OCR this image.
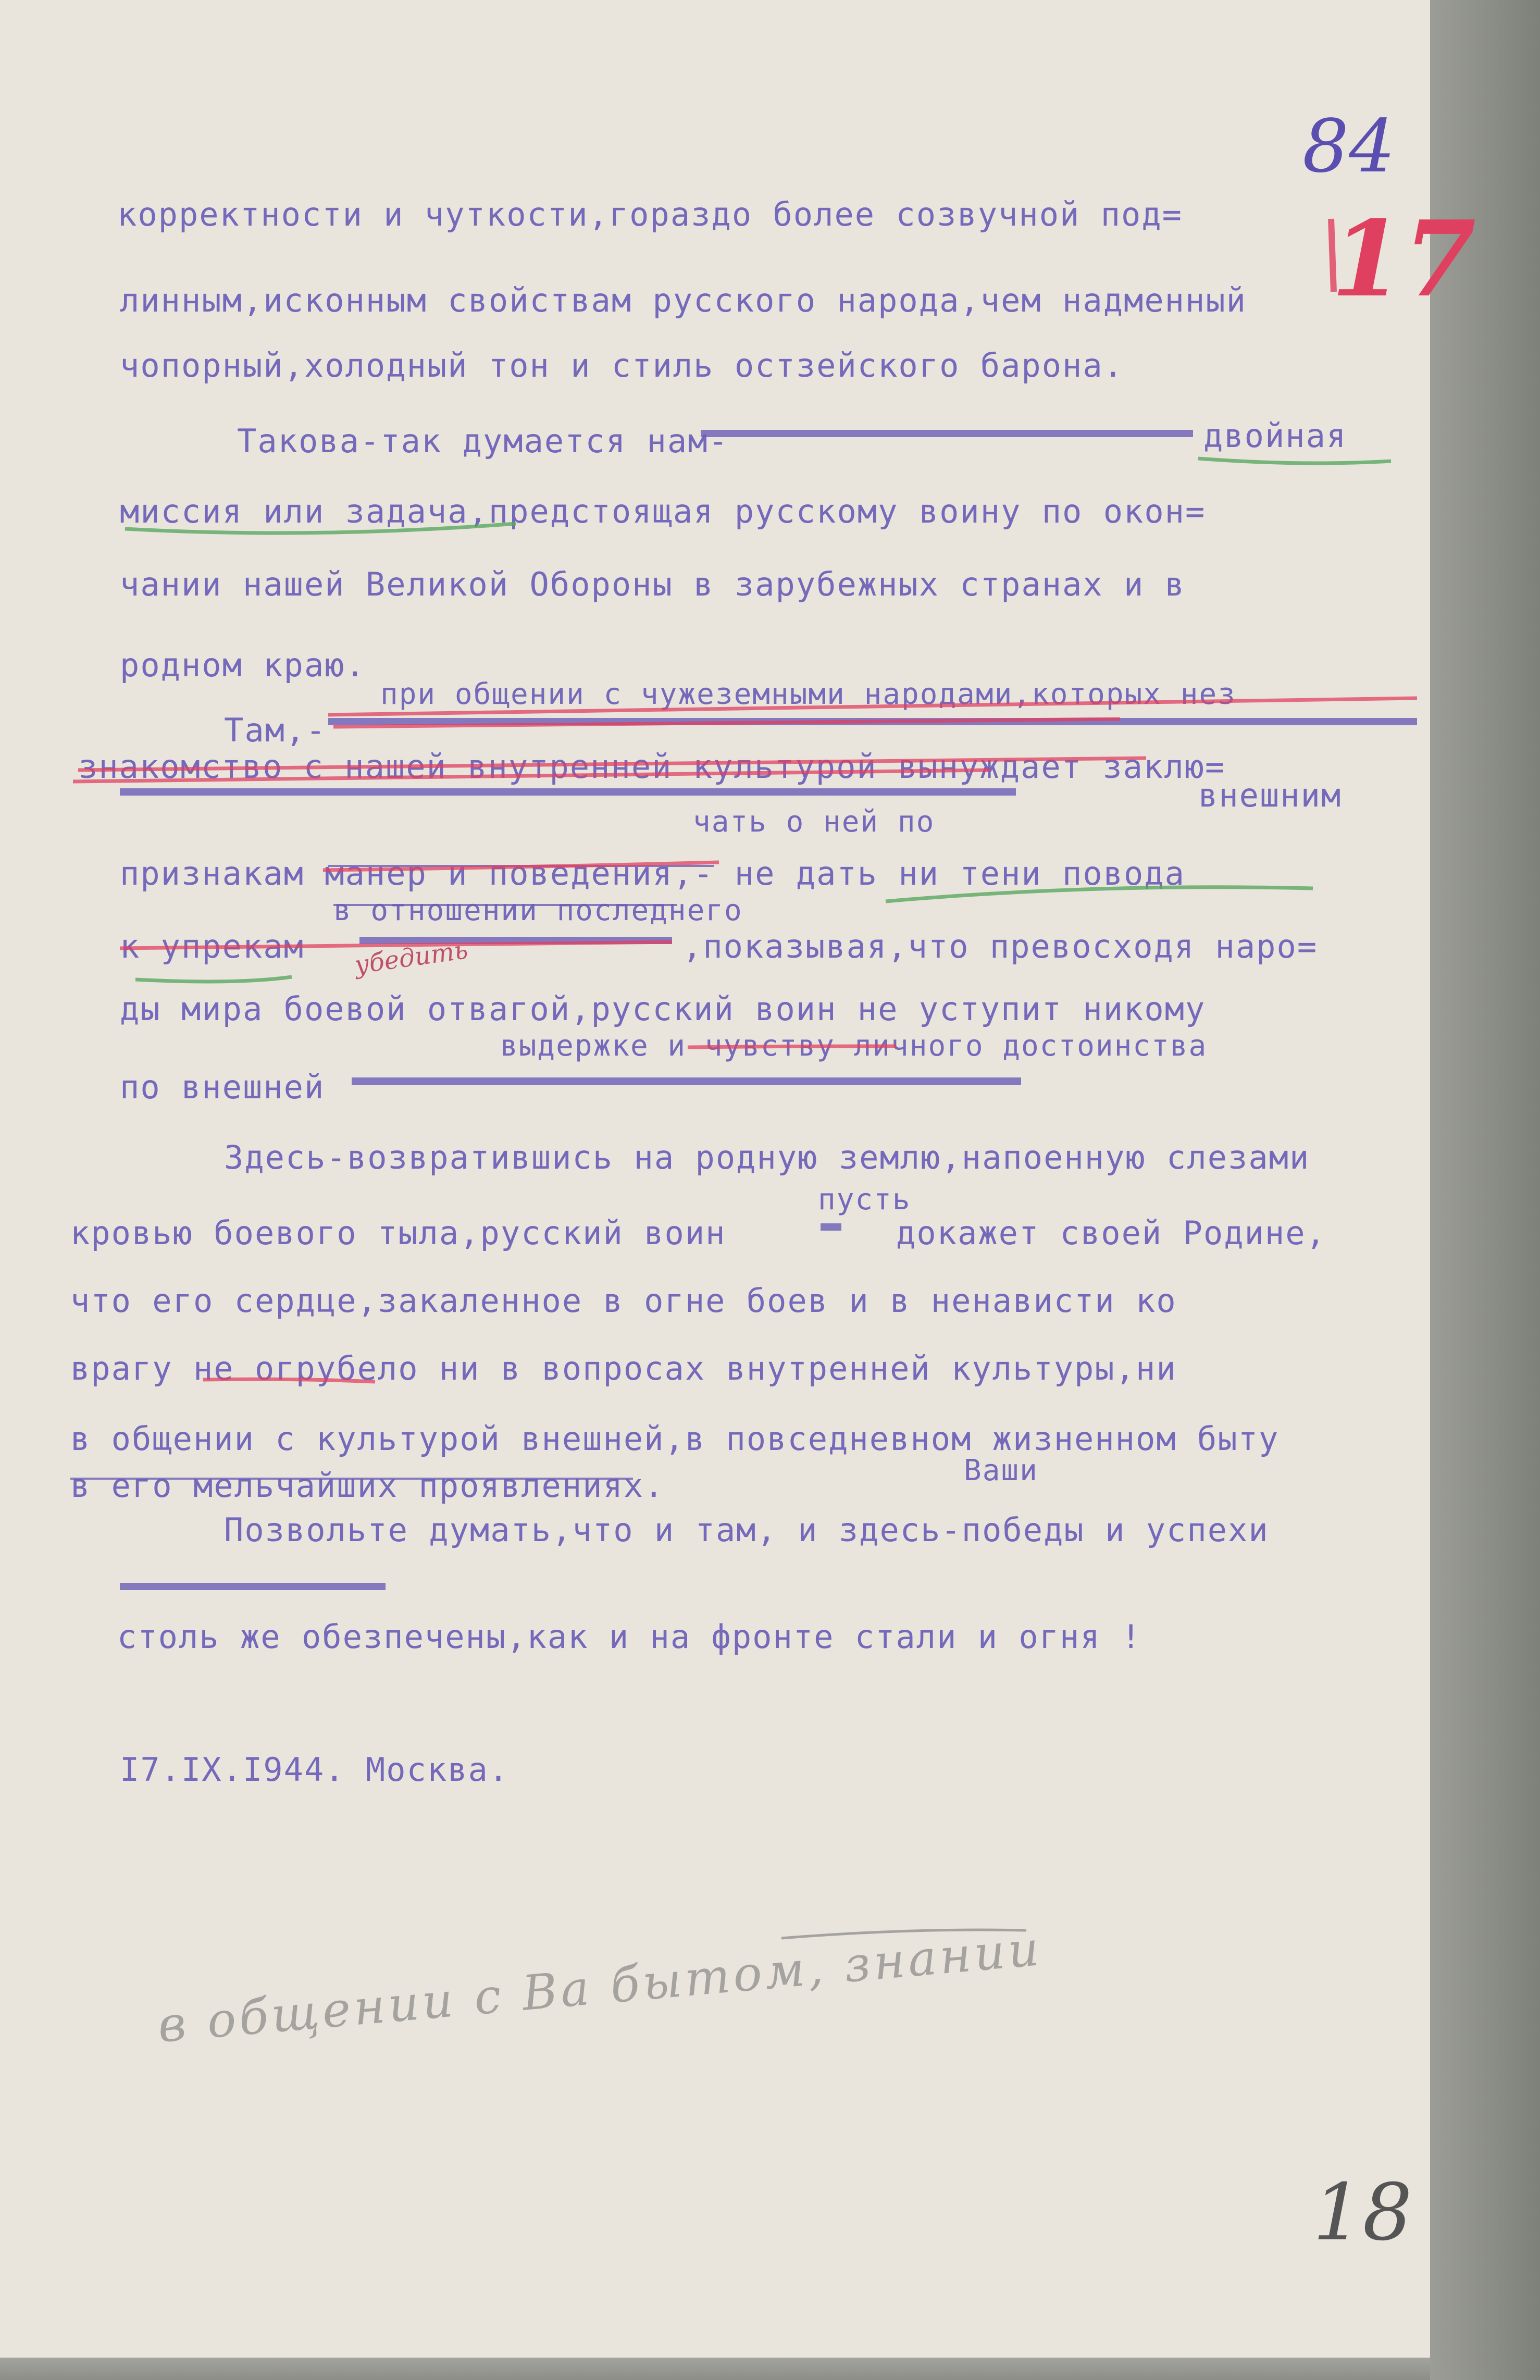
84
17
18
корректности и чуткости,гораздо более созвучной под=
линным,исконным свойствам русского народа,чем надменный
чопорный,холодный тон и стиль остзейского барона.
Такова-так думается нам-	двойная
миссия или задача,предстоящая русскому воину по окон=
чании нашей Великой Обороны в зарубежных странах и в
родном краю.
при общении с чужеземными народами,которых нез
Там,-
знакомство с нашей внутренней культурой вынуждает заклю=
чать о ней по
внешним
признакам манер и поведения,- не дать ни тени повода
в отношении последнего
к упрекам	,показывая,что превосходя наро=
ды мира боевой отвагой,русский воин не уступит никому
выдержке и чувству личного достоинства
по внешней
Здесь-возвратившись на родную землю,напоенную слезами
пусть
кровью боевого тыла,русский воин	докажет своей Родине,
что его сердце,закаленное в огне боев и в ненависти ко
врагу не огрубело ни в вопросах внутренней культуры,ни
в общении с культурой внешней,в повседневном жизненном быту
в его мельчайших проявлениях.	Ваши
Позвольте думать,что и там, и здесь-победы и успехи
столь же обезпечены,как и на фронте стали и огня !
I7.IX.I944. Москва.
убедить
в общении с Ва бытом, знании
